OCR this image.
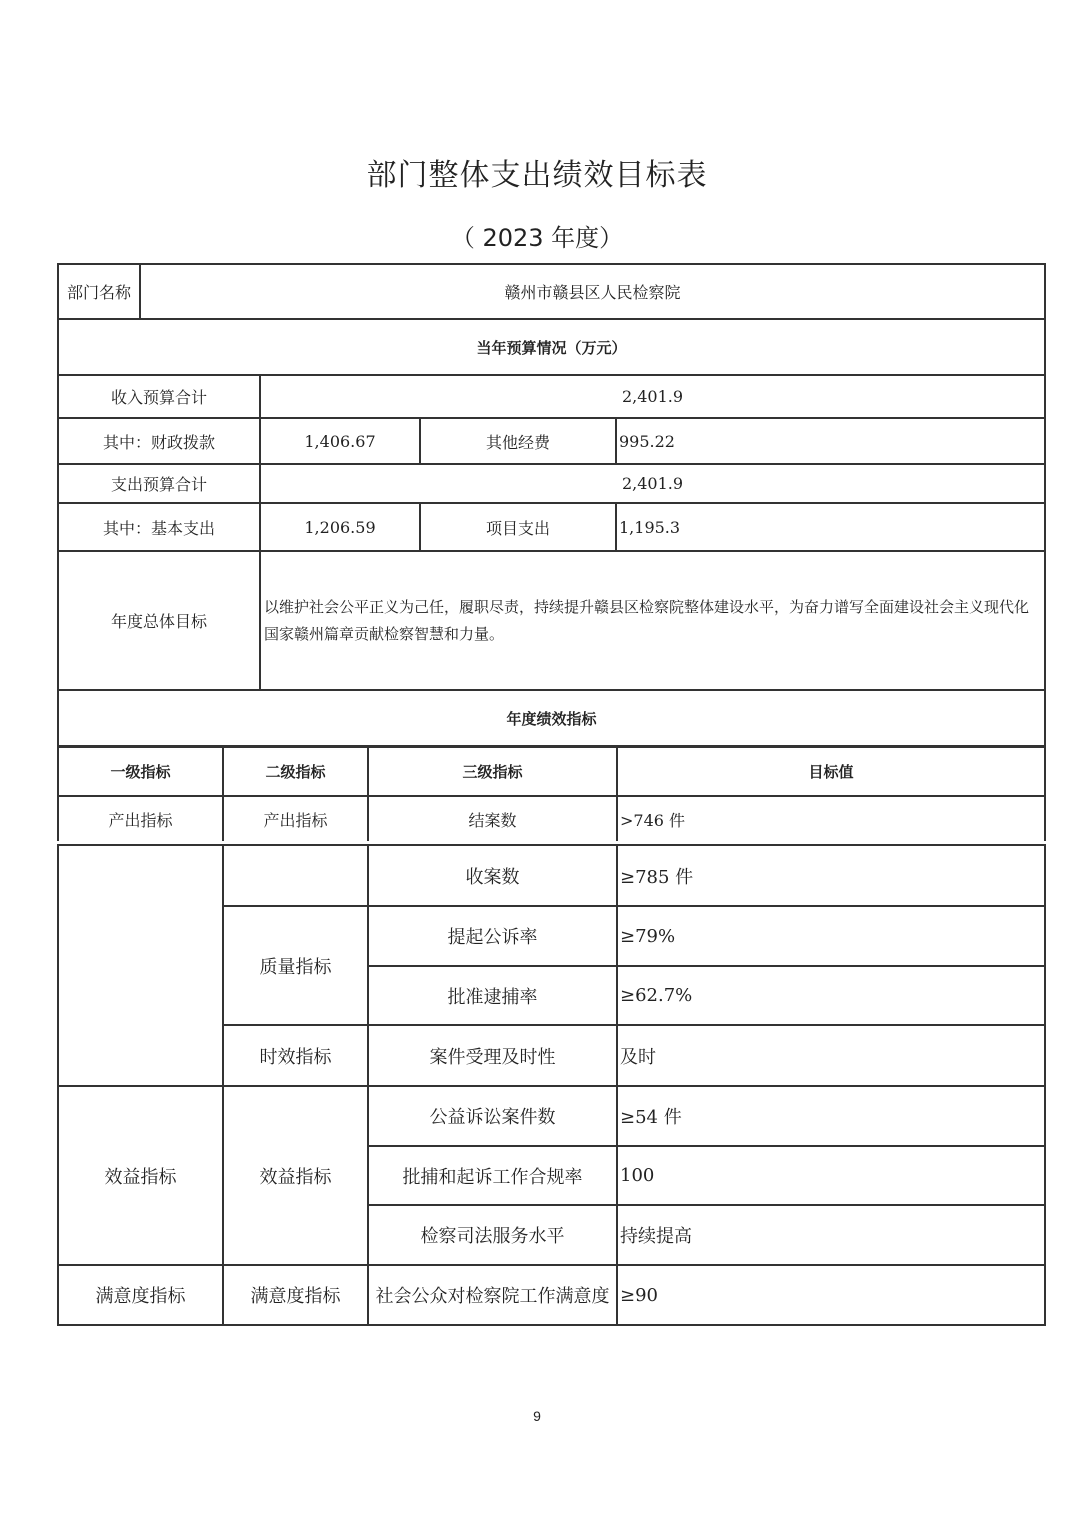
部门整体支出绩效目标表
（ 2023 年度）
部门名称	赣州市赣县区人民检察院			
当年预算情况（万元）				
收入预算合计		2,401.9		
其中：财政拨款		1,406.67	其他经费	995.22
支出预算合计		2,401.9		
其中：基本支出		1,206.59	项目支出	1,195.3
年度总体目标		以维护社会公平正义为己任，履职尽责，持续提升赣县区检察院整体建设水平，为奋力谱写全面建设社会主义现代化国家赣州篇章贡献检察智慧和力量。		
年度绩效指标				
一级指标	二级指标	三级指标	目标值
产出指标	产出指标	结案数	>746 件
		收案数	≥785 件
	质量指标	提起公诉率	≥79%
		批准逮捕率	≥62.7%
	时效指标	案件受理及时性	及时
效益指标	效益指标	公益诉讼案件数	≥54 件
		批捕和起诉工作合规率	100
		检察司法服务水平	持续提高
满意度指标	满意度指标	社会公众对检察院工作满意度	≥90
9
